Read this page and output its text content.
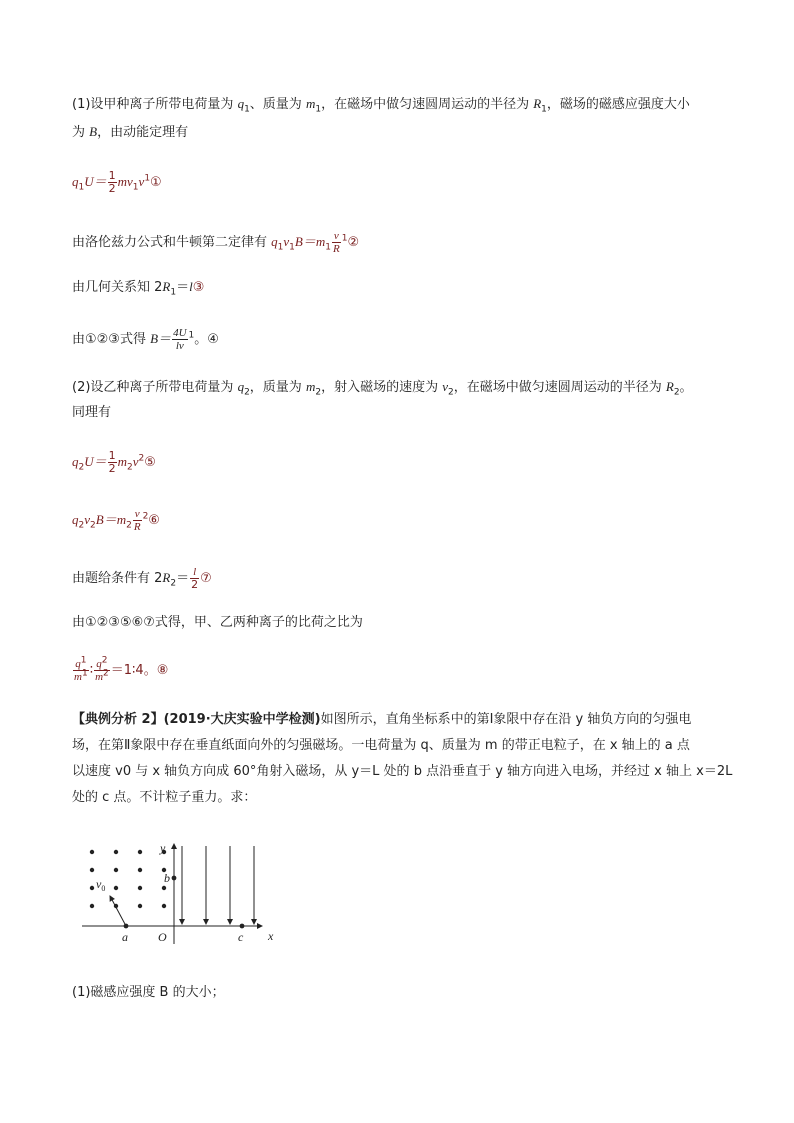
(1)设甲种离子所带电荷量为 $q_1$、质量为 $m_1$，在磁场中做匀速圆周运动的半径为 $R_1$，磁场的磁感应强度大小
为 B，由动能定理有
$q_1U= \frac{1}{2}$ $mv_1v^1①$
由洛伦兹力公式和牛顿第二定律有 $q_1v_1B=m_1 \frac{v}{R}$ $^1$②
由几何关系知 $2R_1=l③$
由①②③式得 $B= \frac{4U}{lv} ^1$。④
(2)设乙种离子所带电荷量为 $q_2$，质量为 $m_2$，射入磁场的速度为 $v_2$，在磁场中做匀速圆周运动的半径为 $R_2$。
同理有
$q_2U= \frac{1}{2}$ $m_2v^2⑤$
$q_2v_2B=m_2 \frac{v}{R}$ $^2$⑥
由题给条件有 $2R_2= \frac{l}{2}$ ⑦
由①②③⑤⑥⑦式得，甲、乙两种离子的比荷之比为
$\frac{q^1}{m^1}$ ∶ $\frac{q^2}{m^2}$ ＝1∶4。⑧
【典例分析 2】(2019·大庆实验中学检测)如图所示，直角坐标系中的第Ⅰ象限中存在沿 y 轴负方向的匀强电
场，在第Ⅱ象限中存在垂直纸面向外的匀强磁场。一电荷量为 q、质量为 m 的带正电粒子，在 x 轴上的 a 点
以速度 v0 与 x 轴负方向成 60°角射入磁场，从 y＝L 处的 b 点沿垂直于 y 轴方向进入电场，并经过 x 轴上 x＝2L
处的 c 点。不计粒子重力。求：
y
x
b
a	O	c
$v_0$
(1)磁感应强度 B 的大小；
